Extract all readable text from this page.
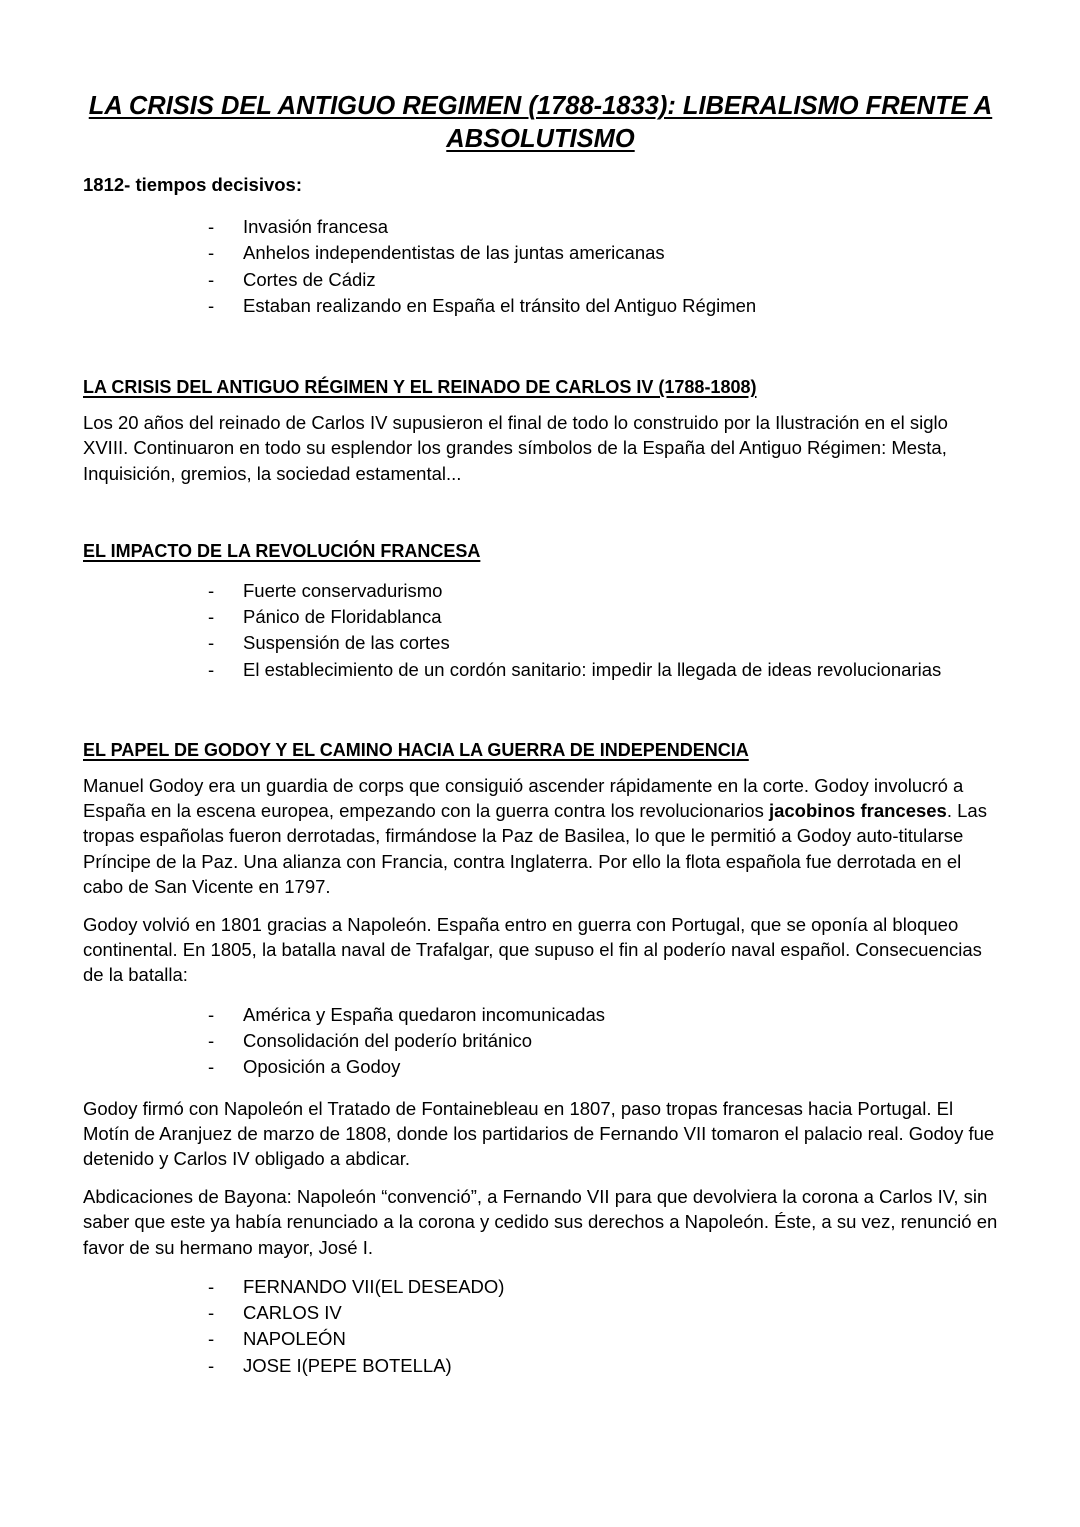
LA CRISIS DEL ANTIGUO REGIMEN (1788-1833): LIBERALISMO FRENTE A
ABSOLUTISMO

1812- tiempos decisivos:

- Invasión francesa
- Anhelos independentistas de las juntas americanas
- Cortes de Cádiz
- Estaban realizando en España el tránsito del Antiguo Régimen
LA CRISIS DEL ANTIGUO RÉGIMEN Y EL REINADO DE CARLOS IV (1788-1808)

Los 20 años del reinado de Carlos IV supusieron el final de todo lo construido por la Ilustración en el siglo XVIII. Continuaron en todo su esplendor los grandes símbolos de la España del Antiguo Régimen: Mesta, Inquisición, gremios, la sociedad estamental...

EL IMPACTO DE LA REVOLUCIÓN FRANCESA
- Fuerte conservadurismo
- Pánico de Floridablanca
- Suspensión de las cortes
- El establecimiento de un cordón sanitario: impedir la llegada de ideas revolucionarias
EL PAPEL DE GODOY Y EL CAMINO HACIA LA GUERRA DE INDEPENDENCIA

Manuel Godoy era un guardia de corps que consiguió ascender rápidamente en la corte. Godoy involucró a España en la escena europea, empezando con la guerra contra los revolucionarios jacobinos franceses. Las tropas españolas fueron derrotadas, firmándose la Paz de Basilea, lo que le permitió a Godoy auto-titularse Príncipe de la Paz. Una alianza con Francia, contra Inglaterra. Por ello la flota española fue derrotada en el cabo de San Vicente en 1797.

Godoy volvió en 1801 gracias a Napoleón. España entro en guerra con Portugal, que se oponía al bloqueo continental. En 1805, la batalla naval de Trafalgar, que supuso el fin al poderío naval español. Consecuencias de la batalla:

- América y España quedaron incomunicadas
- Consolidación del poderío británico
- Oposición a Godoy

Godoy firmó con Napoleón el Tratado de Fontainebleau en 1807, paso tropas francesas hacia Portugal. El Motín de Aranjuez de marzo de 1808, donde los partidarios de Fernando VII tomaron el palacio real. Godoy fue detenido y Carlos IV obligado a abdicar.

Abdicaciones de Bayona: Napoleón “convenció”, a Fernando VII para que devolviera la corona a Carlos IV, sin saber que este ya había renunciado a la corona y cedido sus derechos a Napoleón. Éste, a su vez, renunció en favor de su hermano mayor, José I.

- FERNANDO VII(EL DESEADO)
- CARLOS IV
- NAPOLEÓN
- JOSE I(PEPE BOTELLA)
